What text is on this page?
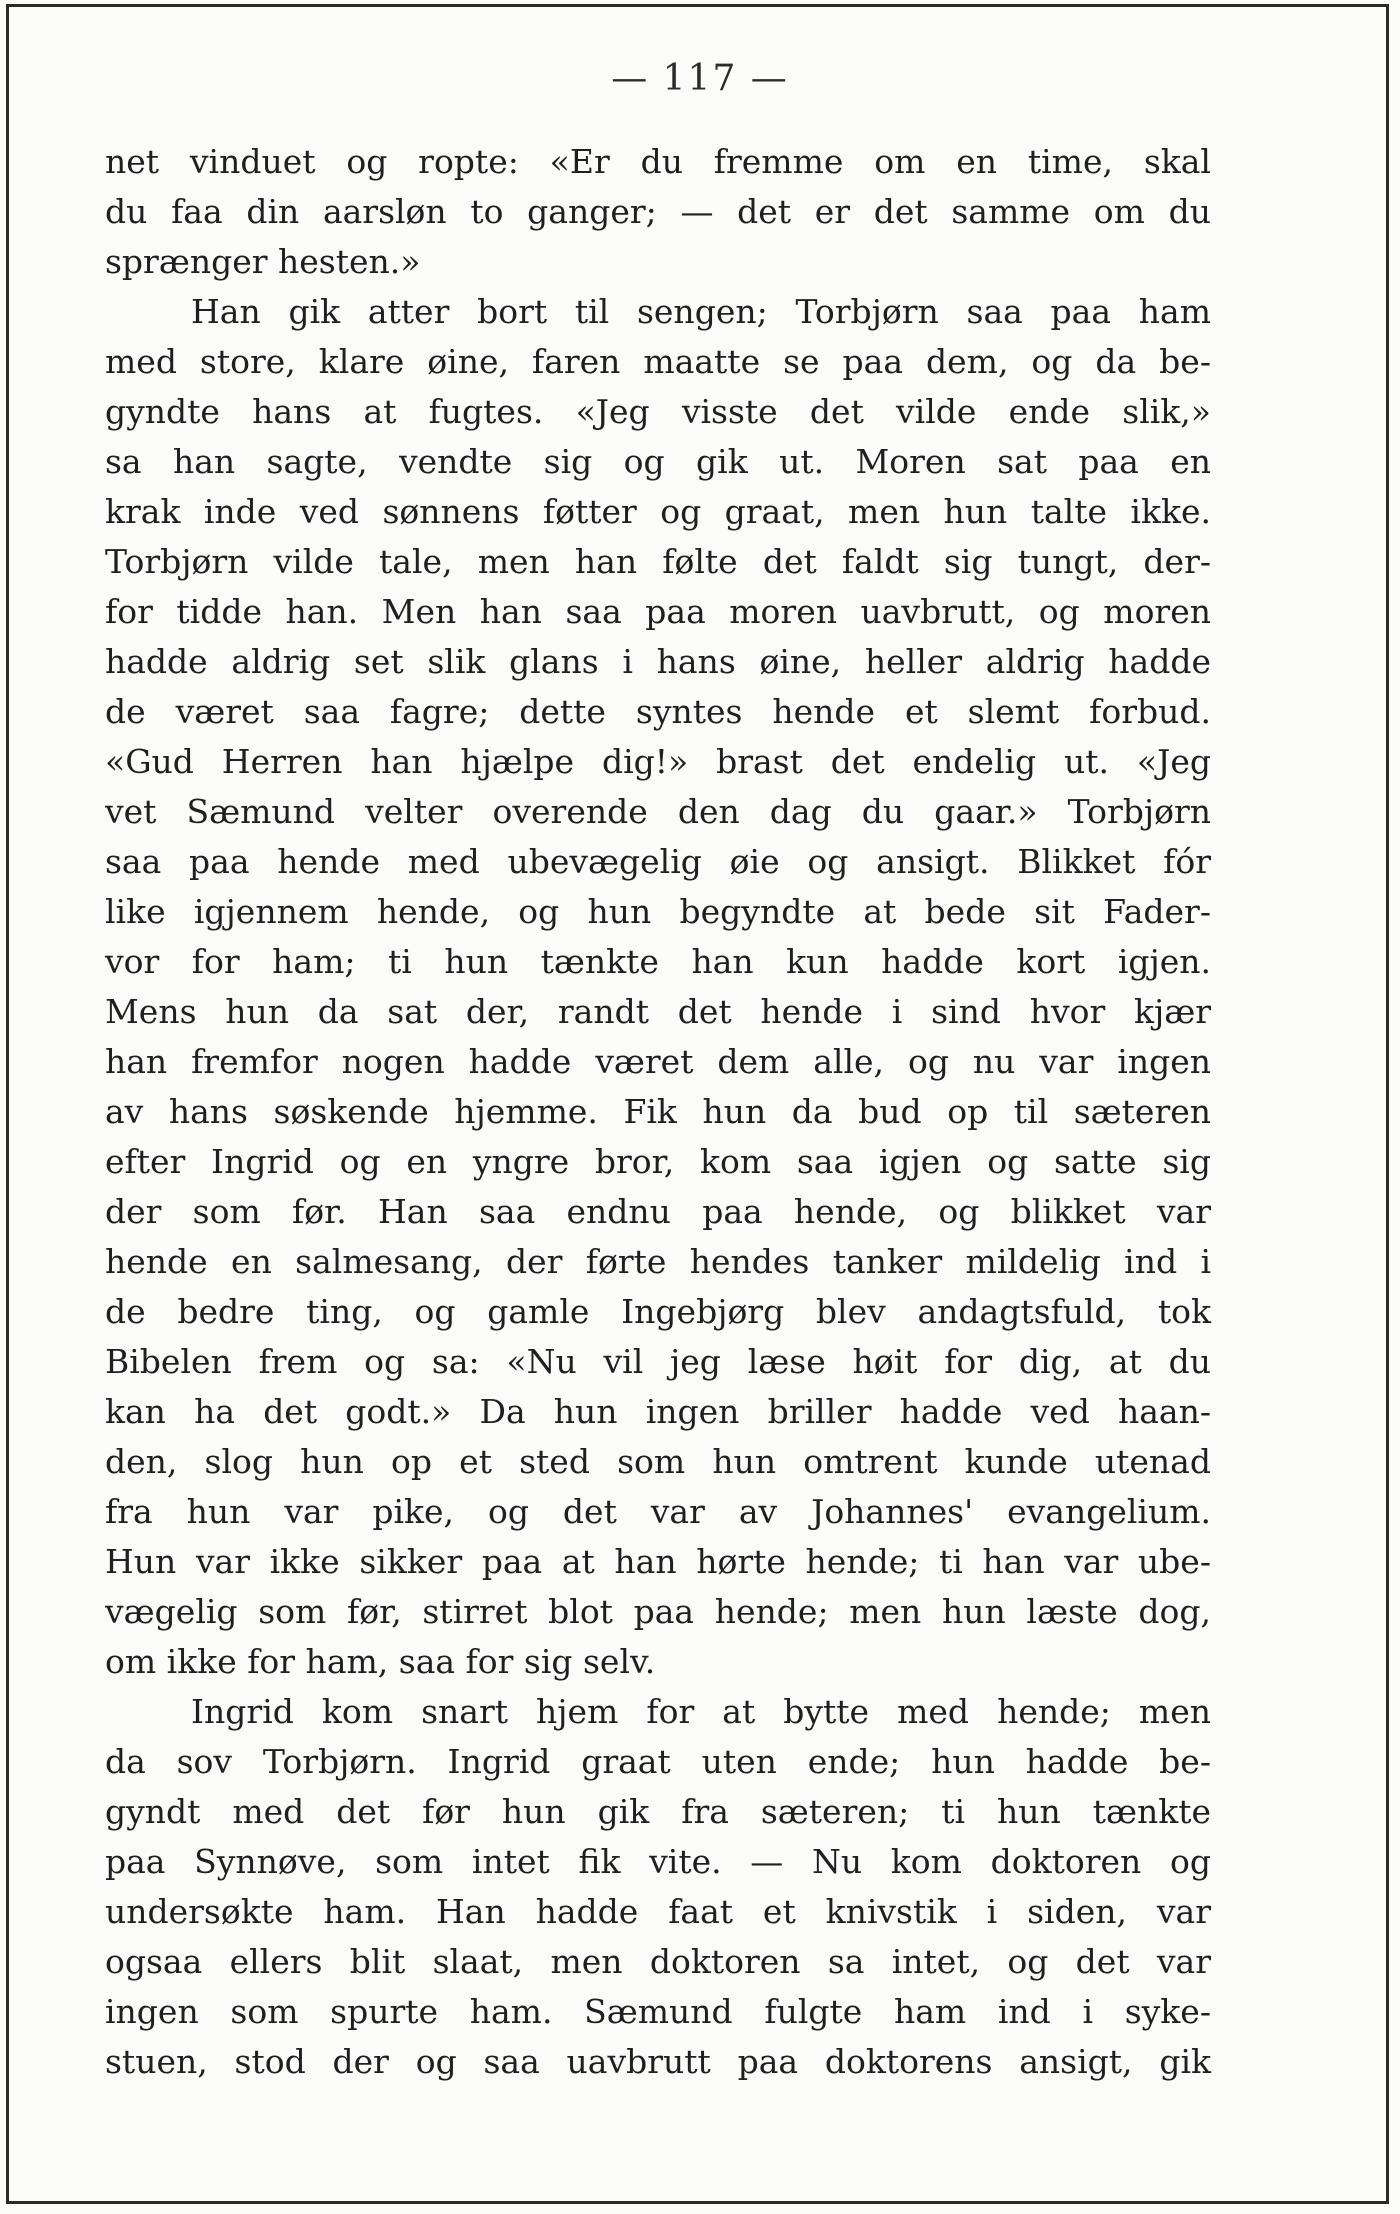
— 117 —
net vinduet og ropte: «Er du fremme om en time, skal
du faa din aarsløn to ganger; — det er det samme om du
sprænger hesten.»
Han gik atter bort til sengen; Torbjørn saa paa ham
med store, klare øine, faren maatte se paa dem, og da be-
gyndte hans at fugtes. «Jeg visste det vilde ende slik,»
sa han sagte, vendte sig og gik ut. Moren sat paa en
krak inde ved sønnens føtter og graat, men hun talte ikke.
Torbjørn vilde tale, men han følte det faldt sig tungt, der-
for tidde han. Men han saa paa moren uavbrutt, og moren
hadde aldrig set slik glans i hans øine, heller aldrig hadde
de været saa fagre; dette syntes hende et slemt forbud.
«Gud Herren han hjælpe dig!» brast det endelig ut. «Jeg
vet Sæmund velter overende den dag du gaar.» Torbjørn
saa paa hende med ubevægelig øie og ansigt. Blikket fór
like igjennem hende, og hun begyndte at bede sit Fader-
vor for ham; ti hun tænkte han kun hadde kort igjen.
Mens hun da sat der, randt det hende i sind hvor kjær
han fremfor nogen hadde været dem alle, og nu var ingen
av hans søskende hjemme. Fik hun da bud op til sæteren
efter Ingrid og en yngre bror, kom saa igjen og satte sig
der som før. Han saa endnu paa hende, og blikket var
hende en salmesang, der førte hendes tanker mildelig ind i
de bedre ting, og gamle Ingebjørg blev andagtsfuld, tok
Bibelen frem og sa: «Nu vil jeg læse høit for dig, at du
kan ha det godt.» Da hun ingen briller hadde ved haan-
den, slog hun op et sted som hun omtrent kunde utenad
fra hun var pike, og det var av Johannes' evangelium.
Hun var ikke sikker paa at han hørte hende; ti han var ube-
vægelig som før, stirret blot paa hende; men hun læste dog,
om ikke for ham, saa for sig selv.
Ingrid kom snart hjem for at bytte med hende; men
da sov Torbjørn. Ingrid graat uten ende; hun hadde be-
gyndt med det før hun gik fra sæteren; ti hun tænkte
paa Synnøve, som intet fik vite. — Nu kom doktoren og
undersøkte ham. Han hadde faat et knivstik i siden, var
ogsaa ellers blit slaat, men doktoren sa intet, og det var
ingen som spurte ham. Sæmund fulgte ham ind i syke-
stuen, stod der og saa uavbrutt paa doktorens ansigt, gik
